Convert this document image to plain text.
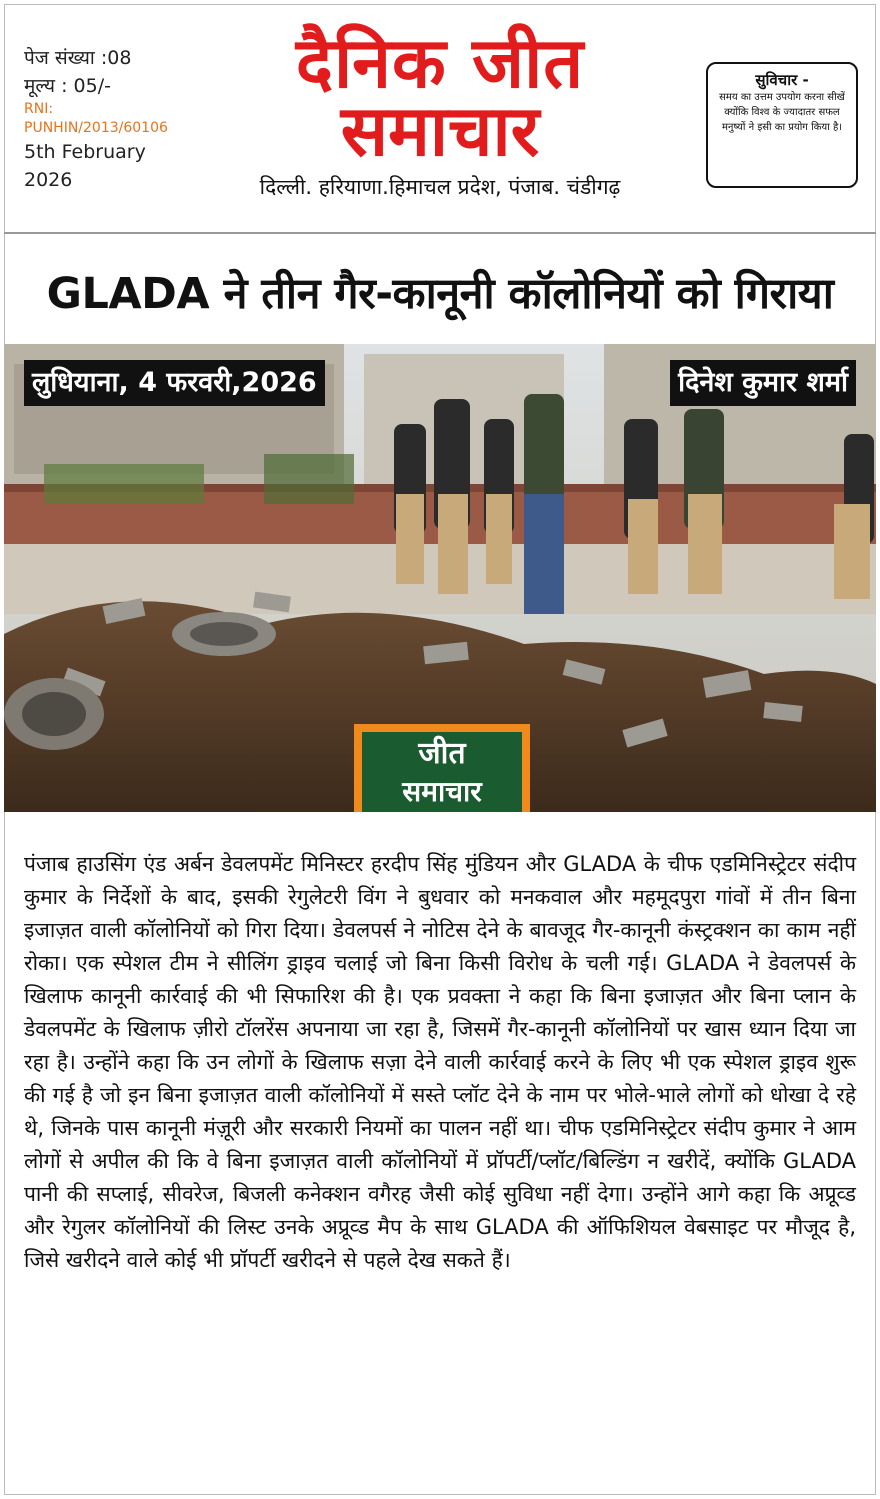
पेज संख्या :08
मूल्य : 05/-
RNI: PUNHIN/2013/60106
5th February 2026
दैनिक जीत
समाचार
दिल्ली. हरियाणा.हिमाचल प्रदेश, पंजाब. चंडीगढ़
सुविचार -
समय का उत्तम उपयोग करना सीखें क्योंकि विश्व के ज्यादातर सफल मनुष्यों ने इसी का प्रयोग किया है।
GLADA ने तीन गैर-कानूनी कॉलोनियों को गिराया
लुधियाना, 4 फरवरी,2026	दिनेश कुमार शर्मा
जीत
समाचार
पंजाब हाउसिंग एंड अर्बन डेवलपमेंट मिनिस्टर हरदीप सिंह मुंडियन और GLADA के चीफ एडमिनिस्ट्रेटर संदीप कुमार के निर्देशों के बाद, इसकी रेगुलेटरी विंग ने बुधवार को मनकवाल और महमूदपुरा गांवों में तीन बिना इजाज़त वाली कॉलोनियों को गिरा दिया। डेवलपर्स ने नोटिस देने के बावजूद गैर-कानूनी कंस्ट्रक्शन का काम नहीं रोका। एक स्पेशल टीम ने सीलिंग ड्राइव चलाई जो बिना किसी विरोध के चली गई। GLADA ने डेवलपर्स के खिलाफ कानूनी कार्रवाई की भी सिफारिश की है। एक प्रवक्ता ने कहा कि बिना इजाज़त और बिना प्लान के डेवलपमेंट के खिलाफ ज़ीरो टॉलरेंस अपनाया जा रहा है, जिसमें गैर-कानूनी कॉलोनियों पर खास ध्यान दिया जा रहा है। उन्होंने कहा कि उन लोगों के खिलाफ सज़ा देने वाली कार्रवाई करने के लिए भी एक स्पेशल ड्राइव शुरू की गई है जो इन बिना इजाज़त वाली कॉलोनियों में सस्ते प्लॉट देने के नाम पर भोले-भाले लोगों को धोखा दे रहे थे, जिनके पास कानूनी मंज़ूरी और सरकारी नियमों का पालन नहीं था। चीफ एडमिनिस्ट्रेटर संदीप कुमार ने आम लोगों से अपील की कि वे बिना इजाज़त वाली कॉलोनियों में प्रॉपर्टी/प्लॉट/बिल्डिंग न खरीदें, क्योंकि GLADA पानी की सप्लाई, सीवरेज, बिजली कनेक्शन वगैरह जैसी कोई सुविधा नहीं देगा। उन्होंने आगे कहा कि अप्रूव्ड और रेगुलर कॉलोनियों की लिस्ट उनके अप्रूव्ड मैप के साथ GLADA की ऑफिशियल वेबसाइट पर मौजूद है, जिसे खरीदने वाले कोई भी प्रॉपर्टी खरीदने से पहले देख सकते हैं।
